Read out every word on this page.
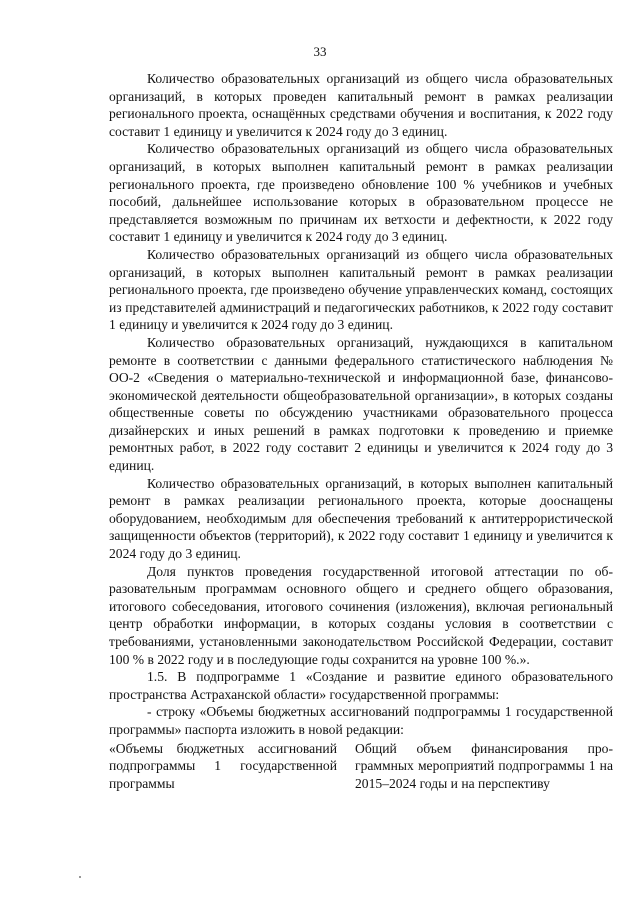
33

Количество образовательных организаций из общего числа образовательных организаций, в которых проведен капитальный ремонт в рамках реализации регионального проекта, оснащённых средствами обучения и воспитания, к 2022 году составит 1 единицу и увеличится к 2024 году до 3 единиц.

Количество образовательных организаций из общего числа образовательных организаций, в которых выполнен капитальный ремонт в рамках реализации регионального проекта, где произведено обновление 100 % учебников и учебных пособий, дальнейшее использование которых в образовательном процессе не представляется возможным по причинам их ветхости и дефектности, к 2022 году составит 1 единицу и увеличится к 2024 году до 3 единиц.

Количество образовательных организаций из общего числа образовательных организаций, в которых выполнен капитальный ремонт в рамках реализации регионального проекта, где произведено обучение управленческих команд, состоящих из представителей администраций и педагогических работников, к 2022 году составит 1 единицу и увеличится к 2024 году до 3 единиц.

Количество образовательных организаций, нуждающихся в капитальном ремонте в соответствии с данными федерального статистического наблюдения № ОО-2 «Сведения о материально-технической и информационной базе, финансово-экономической деятельности общеобразовательной организации», в которых созданы общественные советы по обсуждению участниками образовательного процесса дизайнерских и иных решений в рамках подготовки к проведению и приемке ремонтных работ, в 2022 году составит 2 единицы и увеличится к 2024 году до 3 единиц.

Количество образовательных организаций, в которых выполнен капитальный ремонт в рамках реализации регионального проекта, которые дооснащены оборудованием, необходимым для обеспечения требований к антитеррористической защищенности объектов (территорий), к 2022 году составит 1 единицу и увеличится к 2024 году до 3 единиц.

Доля пунктов проведения государственной итоговой аттестации по образовательным программам основного общего и среднего общего образования, итогового собеседования, итогового сочинения (изложения), включая региональный центр обработки информации, в которых созданы условия в соответствии с требованиями, установленными законодательством Российской Федерации, составит 100 % в 2022 году и в последующие годы сохранится на уровне 100 %.».

1.5. В подпрограмме 1 «Создание и развитие единого образовательного пространства Астраханской области» государственной программы:

- строку «Объемы бюджетных ассигнований подпрограммы 1 государственной программы» паспорта изложить в новой редакции:

«Объемы бюджетных ассигнований подпрограммы 1 государственной программы
Общий объем финансирования программных мероприятий подпрограммы 1 на 2015–2024 годы и на перспективу
